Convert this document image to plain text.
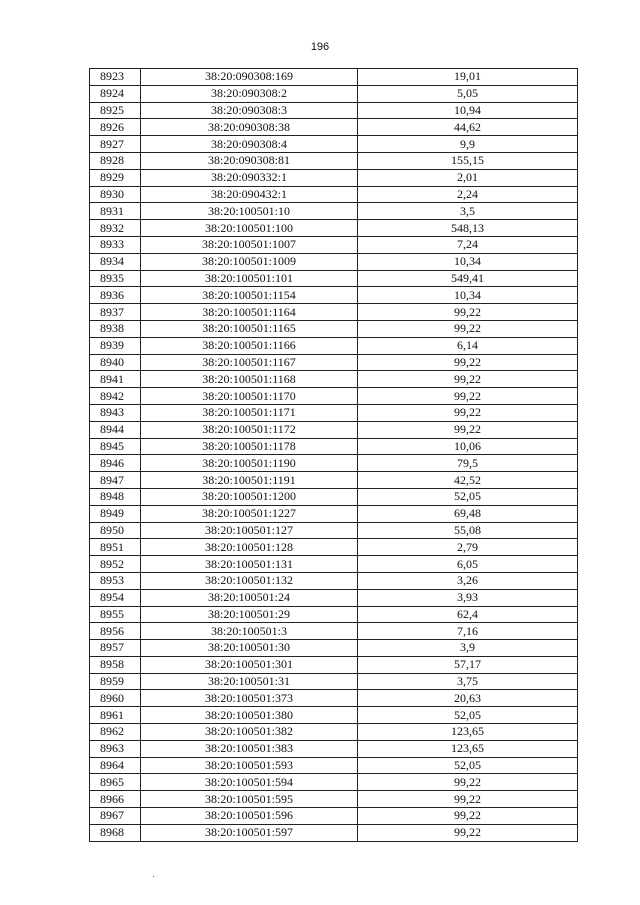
196
8923	38:20:090308:169	19,01
8924	38:20:090308:2	5,05
8925	38:20:090308:3	10,94
8926	38:20:090308:38	44,62
8927	38:20:090308:4	9,9
8928	38:20:090308:81	155,15
8929	38:20:090332:1	2,01
8930	38:20:090432:1	2,24
8931	38:20:100501:10	3,5
8932	38:20:100501:100	548,13
8933	38:20:100501:1007	7,24
8934	38:20:100501:1009	10,34
8935	38:20:100501:101	549,41
8936	38:20:100501:1154	10,34
8937	38:20:100501:1164	99,22
8938	38:20:100501:1165	99,22
8939	38:20:100501:1166	6,14
8940	38:20:100501:1167	99,22
8941	38:20:100501:1168	99,22
8942	38:20:100501:1170	99,22
8943	38:20:100501:1171	99,22
8944	38:20:100501:1172	99,22
8945	38:20:100501:1178	10,06
8946	38:20:100501:1190	79,5
8947	38:20:100501:1191	42,52
8948	38:20:100501:1200	52,05
8949	38:20:100501:1227	69,48
8950	38:20:100501:127	55,08
8951	38:20:100501:128	2,79
8952	38:20:100501:131	6,05
8953	38:20:100501:132	3,26
8954	38:20:100501:24	3,93
8955	38:20:100501:29	62,4
8956	38:20:100501:3	7,16
8957	38:20:100501:30	3,9
8958	38:20:100501:301	57,17
8959	38:20:100501:31	3,75
8960	38:20:100501:373	20,63
8961	38:20:100501:380	52,05
8962	38:20:100501:382	123,65
8963	38:20:100501:383	123,65
8964	38:20:100501:593	52,05
8965	38:20:100501:594	99,22
8966	38:20:100501:595	99,22
8967	38:20:100501:596	99,22
8968	38:20:100501:597	99,22
